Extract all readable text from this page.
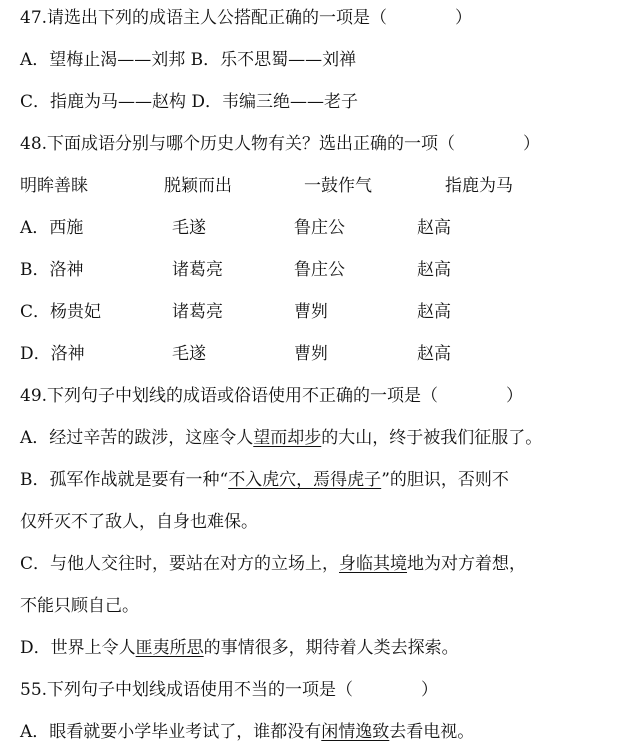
47.请选出下列的成语主人公搭配正确的一项是（　　　　）
A．望梅止渴——刘邦 B．乐不思蜀——刘禅
C．指鹿为马——赵构 D．韦编三绝——老子
48.下面成语分别与哪个历史人物有关？选出正确的一项（　　　　）
明眸善睐	脱颖而出	一鼓作气	指鹿为马
A．西施	毛遂	鲁庄公	赵高
B．洛神	诸葛亮	鲁庄公	赵高
C．杨贵妃	诸葛亮	曹刿	赵高
D．洛神	毛遂	曹刿	赵高
49.下列句子中划线的成语或俗语使用不正确的一项是（　　　　）
A．经过辛苦的跋涉，这座令人望而却步的大山，终于被我们征服了。
B．孤军作战就是要有一种“不入虎穴，焉得虎子”的胆识，否则不
仅歼灭不了敌人，自身也难保。
C．与他人交往时，要站在对方的立场上，身临其境地为对方着想，
不能只顾自己。
D．世界上令人匪夷所思的事情很多，期待着人类去探索。
55.下列句子中划线成语使用不当的一项是（　　　　）
A．眼看就要小学毕业考试了，谁都没有闲情逸致去看电视。
